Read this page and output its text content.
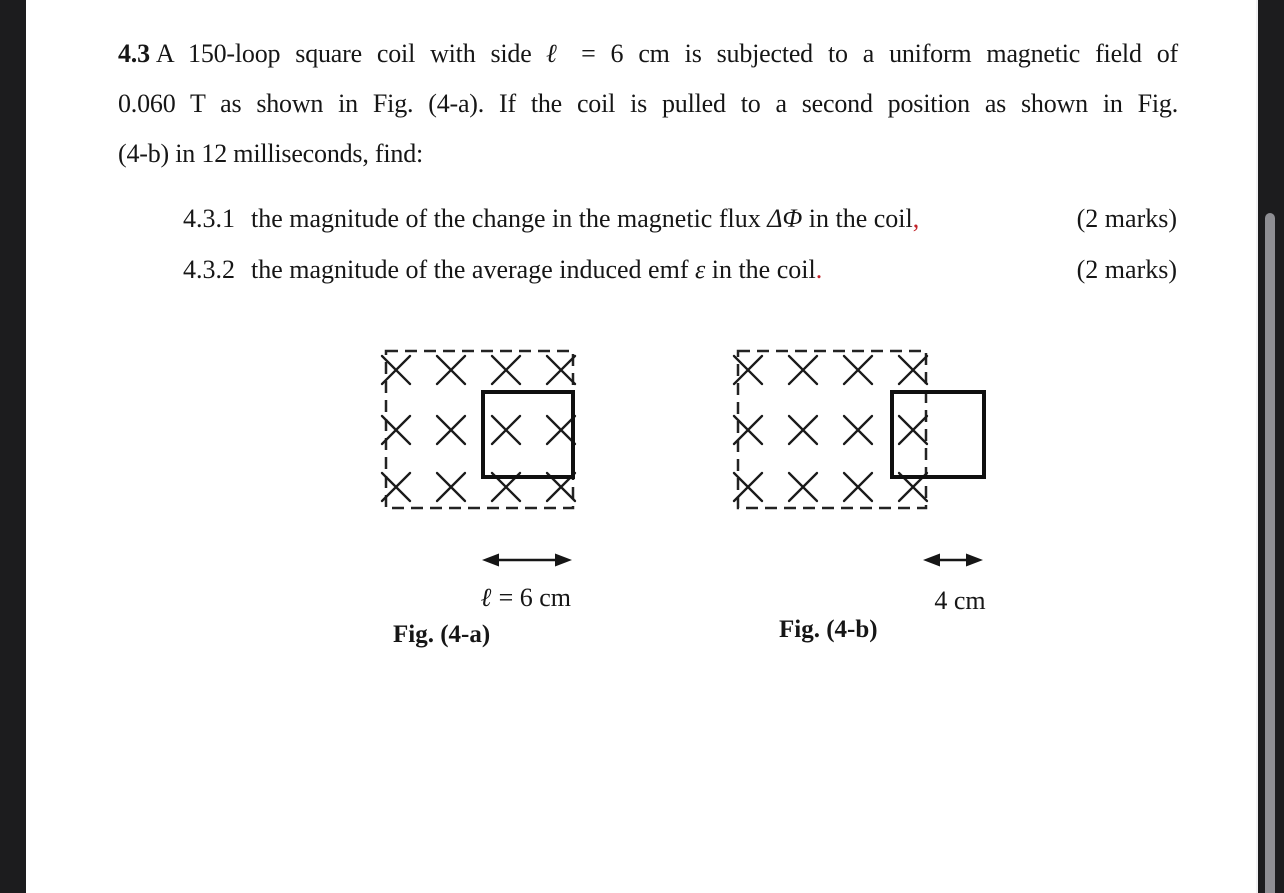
4.3 A 150-loop square coil with side ℓ = 6 cm is subjected to a uniform magnetic field of
0.060 T as shown in Fig. (4-a). If the coil is pulled to a second position as shown in Fig.
(4-b) in 12 milliseconds, find:
4.3.1 the magnitude of the change in the magnetic flux ΔΦ in the coil,	(2 marks)
4.3.2 the magnitude of the average induced emf ε in the coil.	(2 marks)
ℓ = 6 cm
Fig. (4-a)
4 cm
Fig. (4-b)
